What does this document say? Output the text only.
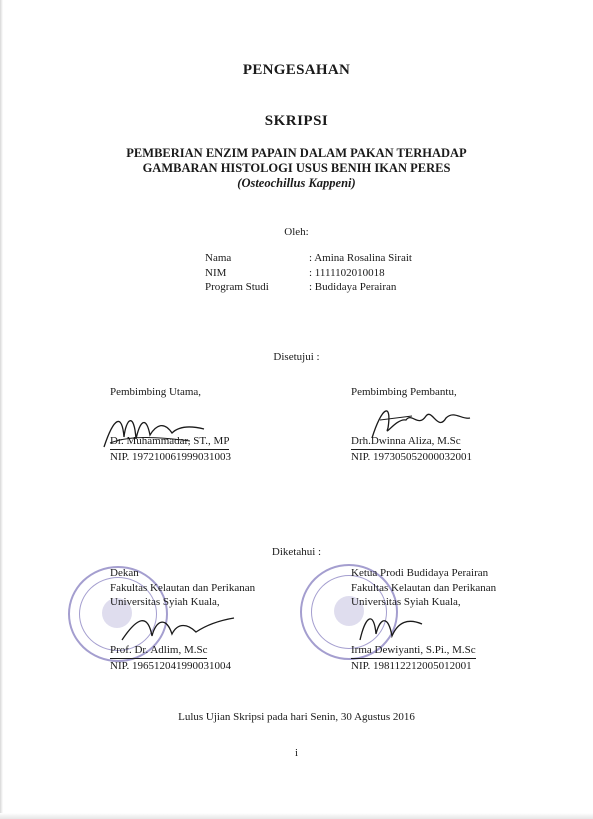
PENGESAHAN
SKRIPSI
PEMBERIAN ENZIM PAPAIN DALAM PAKAN TERHADAP
GAMBARAN HISTOLOGI USUS BENIH IKAN PERES
(Osteochillus Kappeni)
Oleh:
Nama	: Amina Rosalina Sirait
NIM	: 1111102010018
Program Studi	: Budidaya Perairan
Disetujui :
Pembimbing Utama,
Dr. Muhammadar, ST., MP
NIP. 197210061999031003
Pembimbing Pembantu,
Drh.Dwinna Aliza, M.Sc
NIP. 197305052000032001
Diketahui :
Dekan
Fakultas Kelautan dan Perikanan
Universitas Syiah Kuala,
Prof. Dr. Adlim, M.Sc
NIP. 196512041990031004
Ketua Prodi Budidaya Perairan
Fakultas Kelautan dan Perikanan
Universitas Syiah Kuala,
Irma Dewiyanti, S.Pi., M.Sc
NIP. 198112212005012001
Lulus Ujian Skripsi pada hari Senin, 30 Agustus 2016
i
